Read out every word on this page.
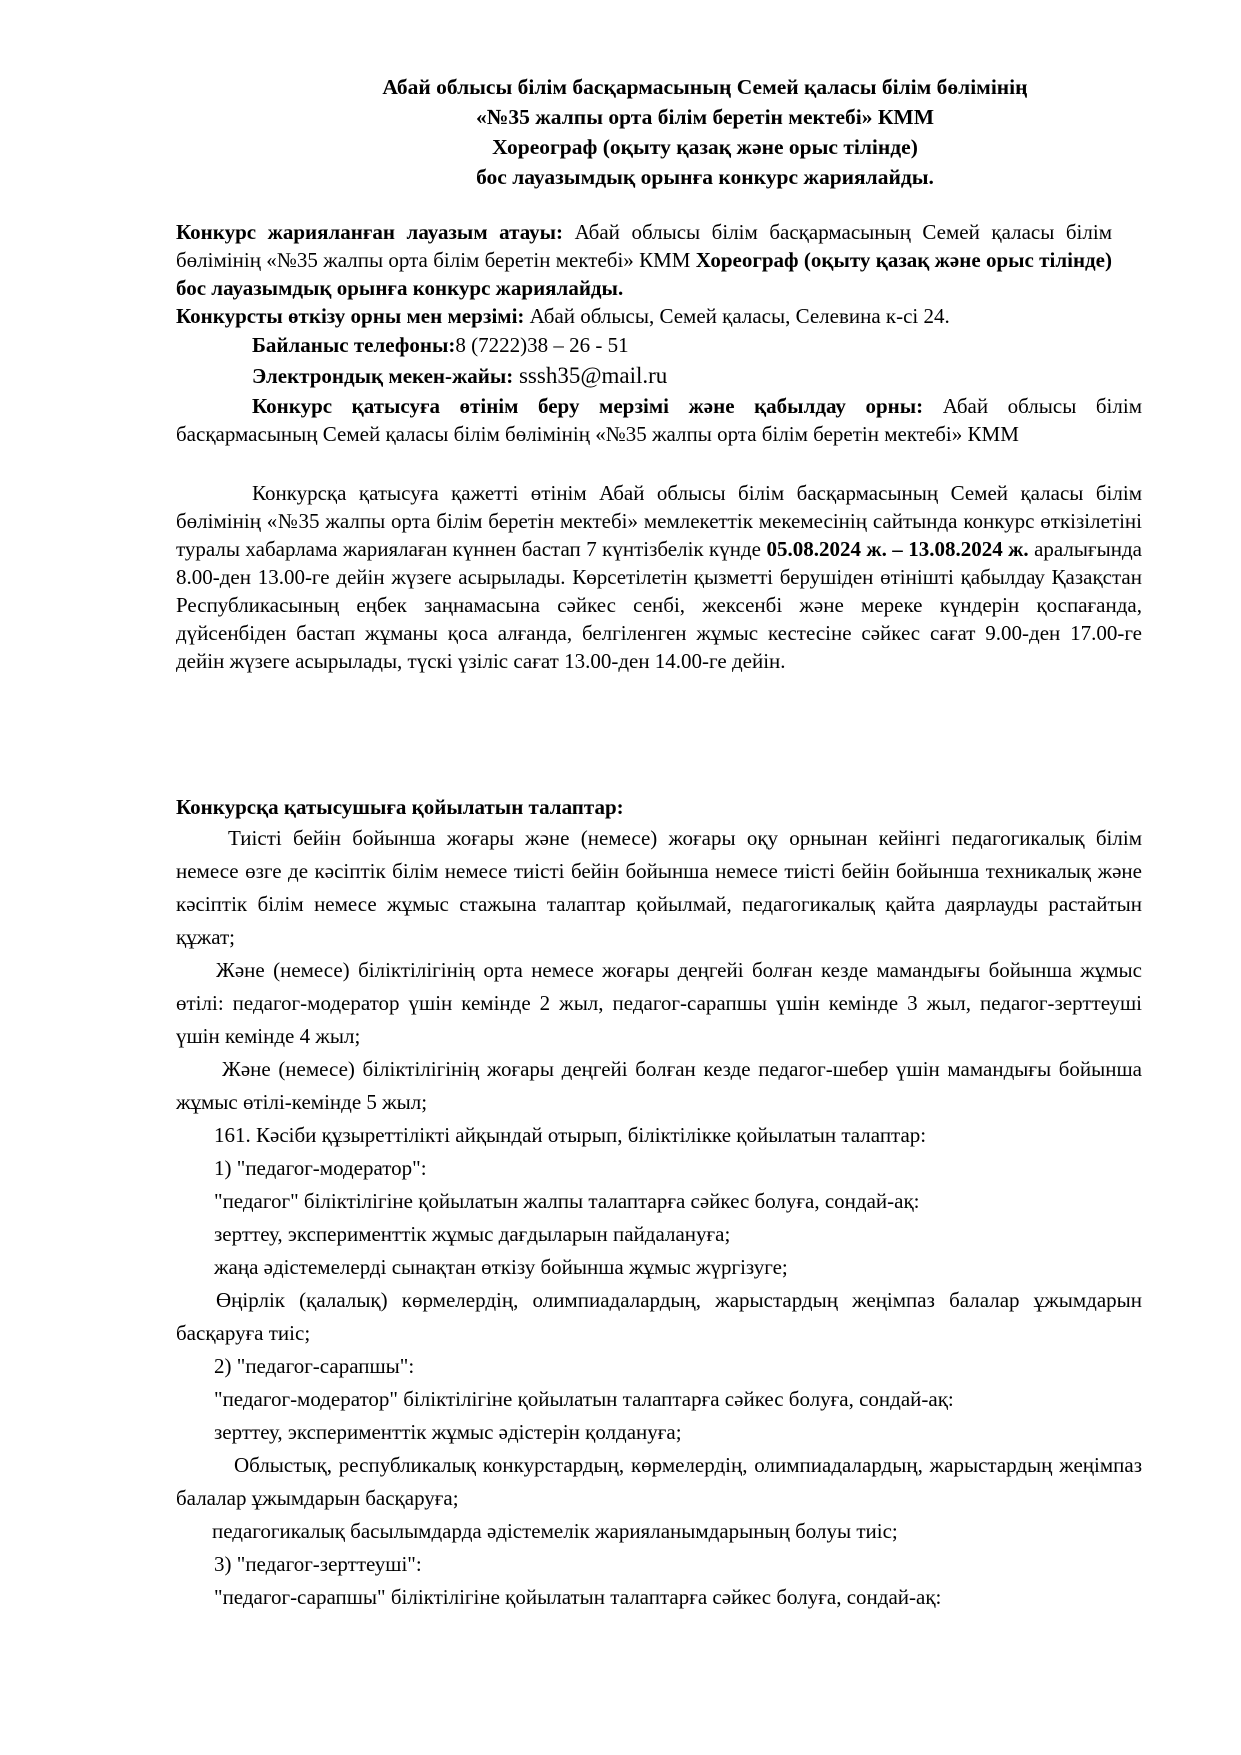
Абай облысы білім басқармасының Семей қаласы білім бөлімінің
«№35 жалпы орта білім беретін мектебі» КММ
Хореограф (оқыту қазақ және орыс тілінде)
бос лауазымдық орынға конкурс жариялайды.
Конкурс жарияланған лауазым атауы: Абай облысы білім басқармасының Семей қаласы білім бөлімінің «№35 жалпы орта білім беретін мектебі» КММ Хореограф (оқыту қазақ және орыс тілінде) бос лауазымдық орынға конкурс жариялайды.
Конкурсты өткізу орны мен мерзімі: Абай облысы, Семей қаласы, Селевина к-сі 24.
Байланыс телефоны:8 (7222)38 – 26 - 51
Электрондық мекен-жайы: sssh35@mail.ru
Конкурс қатысуға өтінім беру мерзімі және қабылдау орны: Абай облысы білім басқармасының Семей қаласы білім бөлімінің «№35 жалпы орта білім беретін мектебі» КММ
Конкурсқа қатысуға қажетті өтінім Абай облысы білім басқармасының Семей қаласы білім бөлімінің «№35 жалпы орта білім беретін мектебі» мемлекеттік мекемесінің сайтында конкурс өткізілетіні туралы хабарлама жариялаған күннен бастап 7 күнтізбелік күнде 05.08.2024 ж. – 13.08.2024 ж. аралығында 8.00-ден 13.00-ге дейін жүзеге асырылады. Көрсетілетін қызметті берушіден өтінішті қабылдау Қазақстан Республикасының еңбек заңнамасына сәйкес сенбі, жексенбі және мереке күндерін қоспағанда, дүйсенбіден бастап жұманы қоса алғанда, белгіленген жұмыс кестесіне сәйкес сағат 9.00-ден 17.00-ге дейін жүзеге асырылады, түскі үзіліс сағат 13.00-ден 14.00-ге дейін.
Конкурсқа қатысушыға қойылатын талаптар:

Тиісті бейін бойынша жоғары және (немесе) жоғары оқу орнынан кейінгі педагогикалық білім немесе өзге де кәсіптік білім немесе тиісті бейін бойынша немесе тиісті бейін бойынша техникалық және кәсіптік білім немесе жұмыс стажына талаптар қойылмай, педагогикалық қайта даярлауды растайтын құжат;

Және (немесе) біліктілігінің орта немесе жоғары деңгейі болған кезде мамандығы бойынша жұмыс өтілі: педагог-модератор үшін кемінде 2 жыл, педагог-сарапшы үшін кемінде 3 жыл, педагог-зерттеуші үшін кемінде 4 жыл;

Және (немесе) біліктілігінің жоғары деңгейі болған кезде педагог-шебер үшін мамандығы бойынша жұмыс өтілі-кемінде 5 жыл;

161. Кәсіби құзыреттілікті айқындай отырып, біліктілікке қойылатын талаптар:

1) "педагог-модератор":

"педагог" біліктілігіне қойылатын жалпы талаптарға сәйкес болуға, сондай-ақ:

зерттеу, эксперименттік жұмыс дағдыларын пайдалануға;

жаңа әдістемелерді сынақтан өткізу бойынша жұмыс жүргізуге;

Өңірлік (қалалық) көрмелердің, олимпиадалардың, жарыстардың жеңімпаз балалар ұжымдарын басқаруға тиіс;

2) "педагог-сарапшы":

"педагог-модератор" біліктілігіне қойылатын талаптарға сәйкес болуға, сондай-ақ:

зерттеу, эксперименттік жұмыс әдістерін қолдануға;

Облыстық, республикалық конкурстардың, көрмелердің, олимпиадалардың, жарыстардың жеңімпаз балалар ұжымдарын басқаруға;

педагогикалық басылымдарда әдістемелік жарияланымдарының болуы тиіс;

3) "педагог-зерттеуші":

"педагог-сарапшы" біліктілігіне қойылатын талаптарға сәйкес болуға, сондай-ақ:
